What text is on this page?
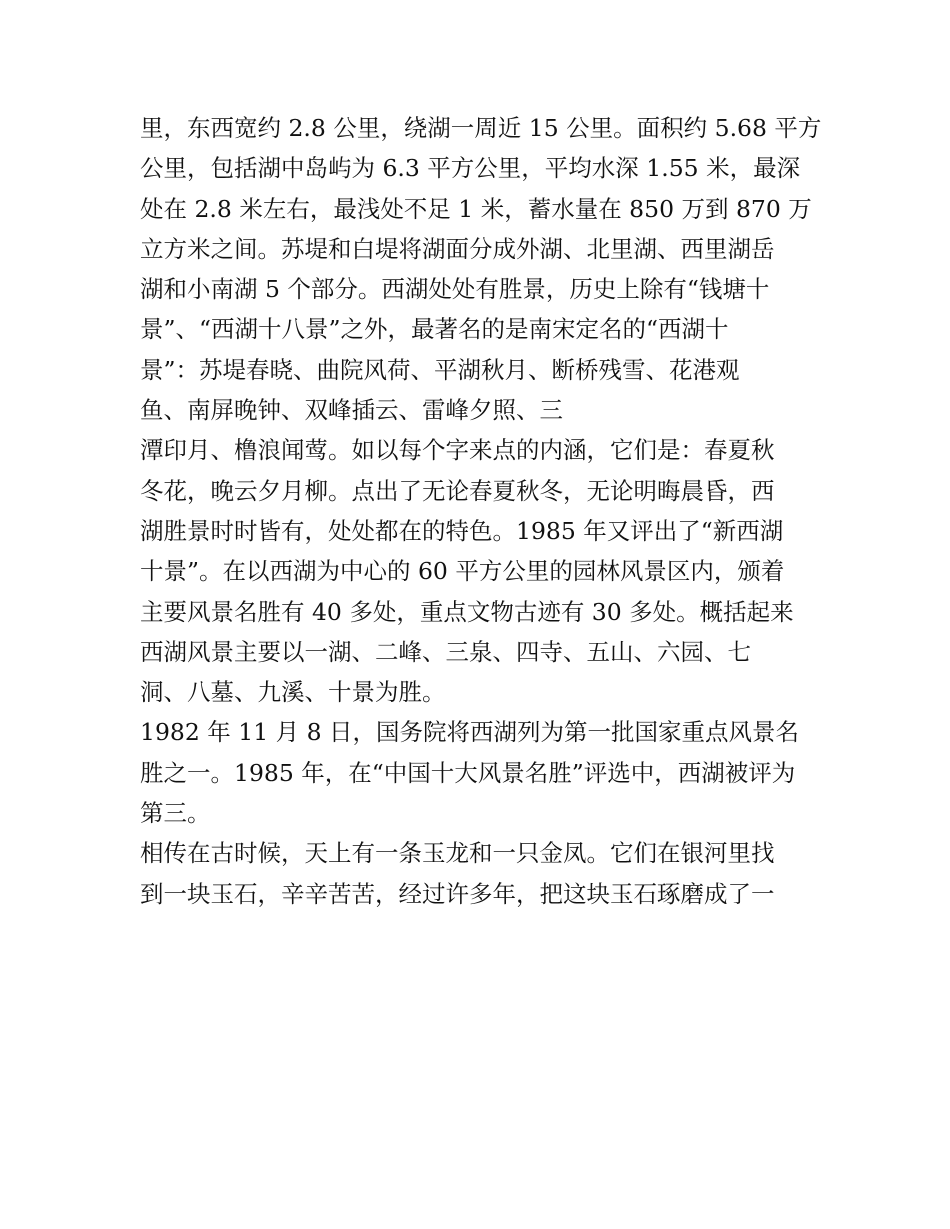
里，东西宽约 2.8 公里，绕湖一周近 15 公里。面积约 5.68 平方
公里，包括湖中岛屿为 6.3 平方公里，平均水深 1.55 米，最深
处在 2.8 米左右，最浅处不足 1 米，蓄水量在 850 万到 870 万
立方米之间。苏堤和白堤将湖面分成外湖、北里湖、西里湖岳
湖和小南湖 5 个部分。西湖处处有胜景，历史上除有“钱塘十
景”、“西湖十八景”之外，最著名的是南宋定名的“西湖十
景”：苏堤春晓、曲院风荷、平湖秋月、断桥残雪、花港观
鱼、南屏晚钟、双峰插云、雷峰夕照、三
潭印月、橹浪闻莺。如以每个字来点的内涵，它们是：春夏秋
冬花，晚云夕月柳。点出了无论春夏秋冬，无论明晦晨昏，西
湖胜景时时皆有，处处都在的特色。1985 年又评出了“新西湖
十景”。在以西湖为中心的 60 平方公里的园林风景区内，颁着
主要风景名胜有 40 多处，重点文物古迹有 30 多处。概括起来
西湖风景主要以一湖、二峰、三泉、四寺、五山、六园、七
洞、八墓、九溪、十景为胜。
1982 年 11 月 8 日，国务院将西湖列为第一批国家重点风景名
胜之一。1985 年，在“中国十大风景名胜”评选中，西湖被评为
第三。
相传在古时候，天上有一条玉龙和一只金凤。它们在银河里找
到一块玉石，辛辛苦苦，经过许多年，把这块玉石琢磨成了一
